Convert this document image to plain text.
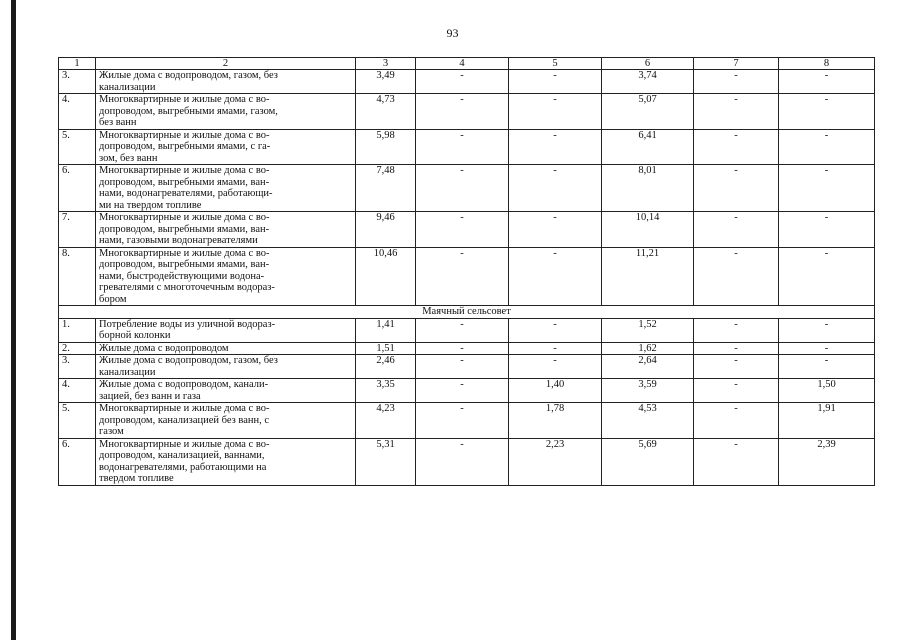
93
1	2	3	4	5	6	7	8
3.	Жилые дома с водопроводом, газом, без
канализации	3,49	-	-	3,74	-	-
4.	Многоквартирные и жилые дома с во-
допроводом, выгребными ямами, газом,
без ванн	4,73	-	-	5,07	-	-
5.	Многоквартирные и жилые дома с во-
допроводом, выгребными ямами, с га-
зом, без ванн	5,98	-	-	6,41	-	-
6.	Многоквартирные и жилые дома с во-
допроводом, выгребными ямами, ван-
нами, водонагревателями, работающи-
ми на твердом топливе	7,48	-	-	8,01	-	-
7.	Многоквартирные и жилые дома с во-
допроводом, выгребными ямами, ван-
нами, газовыми водонагревателями	9,46	-	-	10,14	-	-
8.	Многоквартирные и жилые дома с во-
допроводом, выгребными ямами, ван-
нами, быстродействующими водона-
гревателями с многоточечным водораз-
бором	10,46	-	-	11,21	-	-
Маячный сельсовет							
1.	Потребление воды из уличной водораз-
борной колонки	1,41	-	-	1,52	-	-
2.	Жилые дома с водопроводом	1,51	-	-	1,62	-	-
3.	Жилые дома с водопроводом, газом, без
канализации	2,46	-	-	2,64	-	-
4.	Жилые дома с водопроводом, канали-
зацией, без ванн и газа	3,35	-	1,40	3,59	-	1,50
5.	Многоквартирные и жилые дома с во-
допроводом, канализацией без ванн, с
газом	4,23	-	1,78	4,53	-	1,91
6.	Многоквартирные и жилые дома с во-
допроводом, канализацией, ваннами,
водонагревателями, работающими на
твердом топливе	5,31	-	2,23	5,69	-	2,39
